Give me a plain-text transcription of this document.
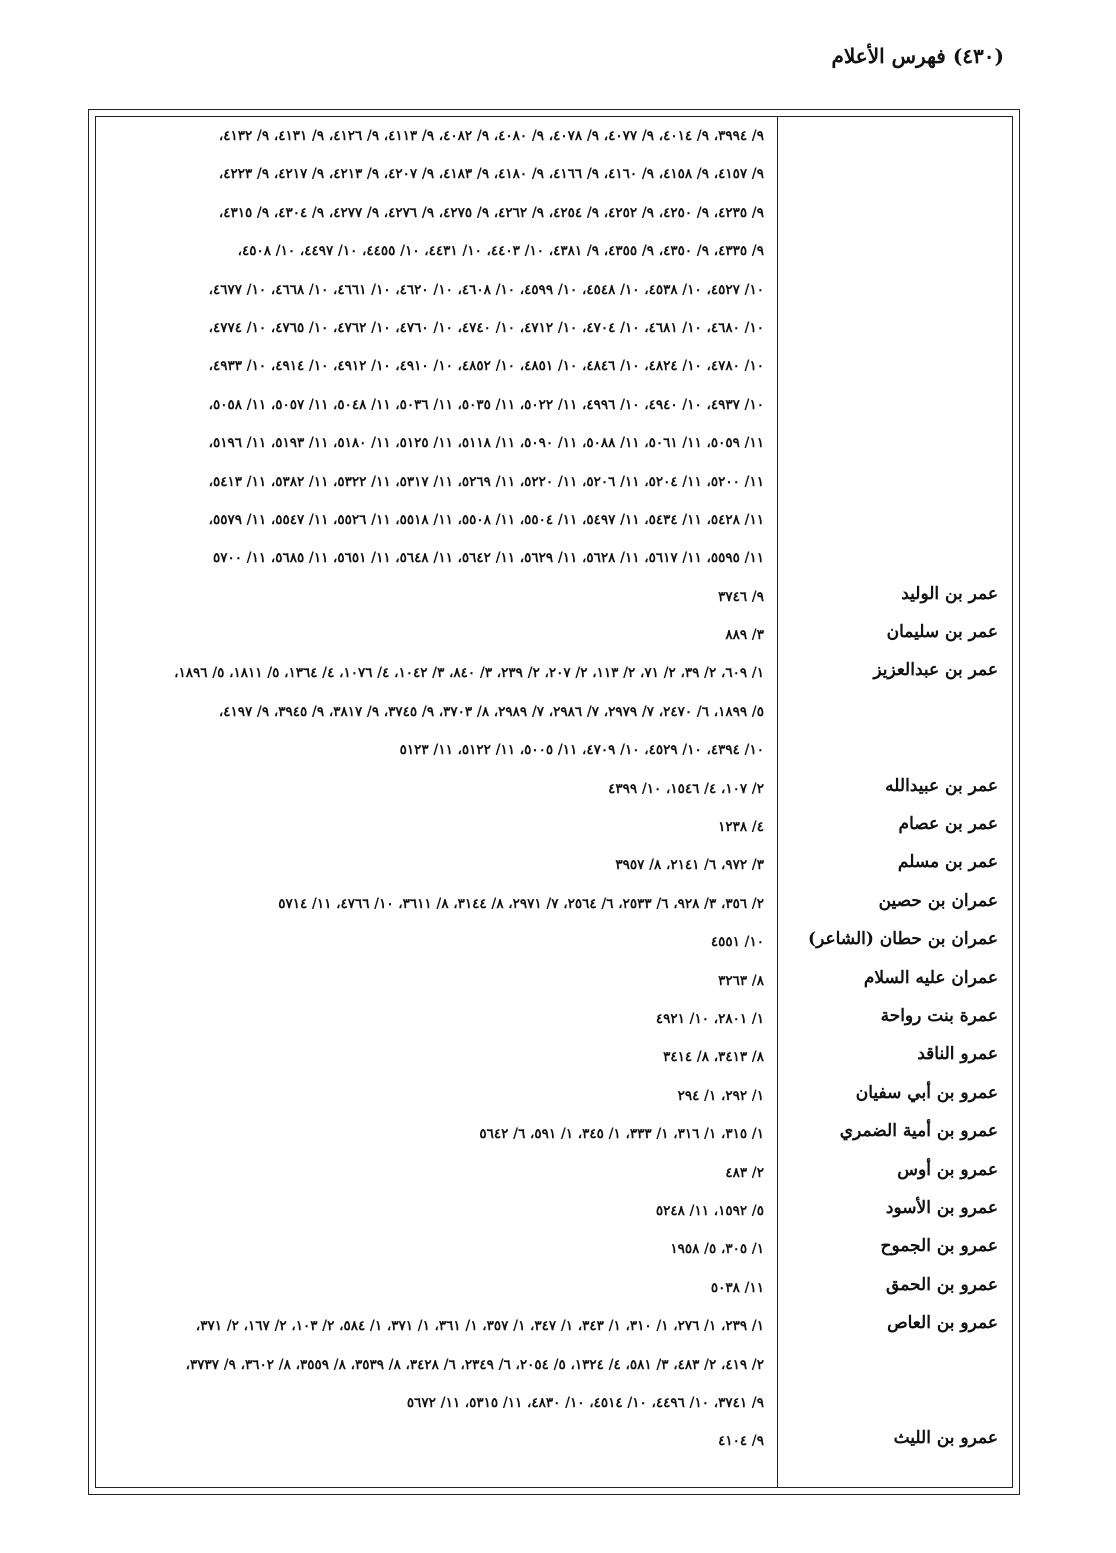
(٤٣٠) فهرس الأعلام
٩/ ٣٩٩٤، ٩/ ٤٠١٤، ٩/ ٤٠٧٧، ٩/ ٤٠٧٨، ٩/ ٤٠٨٠، ٩/ ٤٠٨٢، ٩/ ٤١١٣، ٩/ ٤١٢٦، ٩/ ٤١٣١، ٩/ ٤١٣٢،
٩/ ٤١٥٧، ٩/ ٤١٥٨، ٩/ ٤١٦٠، ٩/ ٤١٦٦، ٩/ ٤١٨٠، ٩/ ٤١٨٣، ٩/ ٤٢٠٧، ٩/ ٤٢١٣، ٩/ ٤٢١٧، ٩/ ٤٢٢٣،
٩/ ٤٢٣٥، ٩/ ٤٢٥٠، ٩/ ٤٢٥٢، ٩/ ٤٢٥٤، ٩/ ٤٢٦٢، ٩/ ٤٢٧٥، ٩/ ٤٢٧٦، ٩/ ٤٢٧٧، ٩/ ٤٣٠٤، ٩/ ٤٣١٥،
٩/ ٤٣٣٥، ٩/ ٤٣٥٠، ٩/ ٤٣٥٥، ٩/ ٤٣٨١، ١٠/ ٤٤٠٣، ١٠/ ٤٤٣١، ١٠/ ٤٤٥٥، ١٠/ ٤٤٩٧، ١٠/ ٤٥٠٨،
١٠/ ٤٥٢٧، ١٠/ ٤٥٣٨، ١٠/ ٤٥٤٨، ١٠/ ٤٥٩٩، ١٠/ ٤٦٠٨، ١٠/ ٤٦٢٠، ١٠/ ٤٦٦١، ١٠/ ٤٦٦٨، ١٠/ ٤٦٧٧،
١٠/ ٤٦٨٠، ١٠/ ٤٦٨١، ١٠/ ٤٧٠٤، ١٠/ ٤٧١٢، ١٠/ ٤٧٤٠، ١٠/ ٤٧٦٠، ١٠/ ٤٧٦٢، ١٠/ ٤٧٦٥، ١٠/ ٤٧٧٤،
١٠/ ٤٧٨٠، ١٠/ ٤٨٢٤، ١٠/ ٤٨٤٦، ١٠/ ٤٨٥١، ١٠/ ٤٨٥٢، ١٠/ ٤٩١٠، ١٠/ ٤٩١٢، ١٠/ ٤٩١٤، ١٠/ ٤٩٣٣،
١٠/ ٤٩٣٧، ١٠/ ٤٩٤٠، ١٠/ ٤٩٩٦، ١١/ ٥٠٢٢، ١١/ ٥٠٣٥، ١١/ ٥٠٣٦، ١١/ ٥٠٤٨، ١١/ ٥٠٥٧، ١١/ ٥٠٥٨،
١١/ ٥٠٥٩، ١١/ ٥٠٦١، ١١/ ٥٠٨٨، ١١/ ٥٠٩٠، ١١/ ٥١١٨، ١١/ ٥١٢٥، ١١/ ٥١٨٠، ١١/ ٥١٩٣، ١١/ ٥١٩٦،
١١/ ٥٢٠٠، ١١/ ٥٢٠٤، ١١/ ٥٢٠٦، ١١/ ٥٢٢٠، ١١/ ٥٢٦٩، ١١/ ٥٣١٧، ١١/ ٥٣٢٢، ١١/ ٥٣٨٢، ١١/ ٥٤١٣،
١١/ ٥٤٢٨، ١١/ ٥٤٣٤، ١١/ ٥٤٩٧، ١١/ ٥٥٠٤، ١١/ ٥٥٠٨، ١١/ ٥٥١٨، ١١/ ٥٥٢٦، ١١/ ٥٥٤٧، ١١/ ٥٥٧٩،
١١/ ٥٥٩٥، ١١/ ٥٦١٧، ١١/ ٥٦٢٨، ١١/ ٥٦٢٩، ١١/ ٥٦٤٢، ١١/ ٥٦٤٨، ١١/ ٥٦٥١، ١١/ ٥٦٨٥، ١١/ ٥٧٠٠
عمر بن الوليد
٩/ ٣٧٤٦
عمر بن سليمان
٣/ ٨٨٩
عمر بن عبدالعزيز
١/ ٦٠٩، ٢/ ٣٩، ٢/ ٧١، ٢/ ١١٣، ٢/ ٢٠٧، ٢/ ٢٣٩، ٣/ ٨٤٠، ٣/ ١٠٤٢، ٤/ ١٠٧٦، ٤/ ١٣٦٤، ٥/ ١٨١١، ٥/ ١٨٩٦،
٥/ ١٨٩٩، ٦/ ٢٤٧٠، ٧/ ٢٩٧٩، ٧/ ٢٩٨٦، ٧/ ٢٩٨٩، ٨/ ٣٧٠٣، ٩/ ٣٧٤٥، ٩/ ٣٨١٧، ٩/ ٣٩٤٥، ٩/ ٤١٩٧،
١٠/ ٤٣٩٤، ١٠/ ٤٥٢٩، ١٠/ ٤٧٠٩، ١١/ ٥٠٠٥، ١١/ ٥١٢٢، ١١/ ٥١٢٣
عمر بن عبيدالله
٢/ ١٠٧، ٤/ ١٥٤٦، ١٠/ ٤٣٩٩
عمر بن عصام
٤/ ١٢٣٨
عمر بن مسلم
٣/ ٩٧٢، ٦/ ٢١٤١، ٨/ ٣٩٥٧
عمران بن حصين
٢/ ٣٥٦، ٣/ ٩٢٨، ٦/ ٢٥٣٣، ٦/ ٢٥٦٤، ٧/ ٢٩٧١، ٨/ ٣١٤٤، ٨/ ٣٦١١، ١٠/ ٤٧٦٦، ١١/ ٥٧١٤
عمران بن حطان (الشاعر)
١٠/ ٤٥٥١
عمران عليه السلام
٨/ ٣٢٦٣
عمرة بنت رواحة
١/ ٢٨٠١، ١٠/ ٤٩٢١
عمرو الناقد
٨/ ٣٤١٣، ٨/ ٣٤١٤
عمرو بن أبي سفيان
١/ ٢٩٢، ١/ ٢٩٤
عمرو بن أمية الضمري
١/ ٣١٥، ١/ ٣١٦، ١/ ٣٣٣، ١/ ٣٤٥، ١/ ٥٩١، ٦/ ٥٦٤٢
عمرو بن أوس
٢/ ٤٨٣
عمرو بن الأسود
٥/ ١٥٩٢، ١١/ ٥٢٤٨
عمرو بن الجموح
١/ ٣٠٥، ٥/ ١٩٥٨
عمرو بن الحمق
١١/ ٥٠٣٨
عمرو بن العاص
١/ ٢٣٩، ١/ ٢٧٦، ١/ ٣١٠، ١/ ٣٤٣، ١/ ٣٤٧، ١/ ٣٥٧، ١/ ٣٦١، ١/ ٣٧١، ١/ ٥٨٤، ٢/ ١٠٣، ٢/ ١٦٧، ٢/ ٣٧١،
٢/ ٤١٩، ٢/ ٤٨٣، ٣/ ٥٨١، ٤/ ١٣٢٤، ٥/ ٢٠٥٤، ٦/ ٢٣٤٩، ٦/ ٣٤٢٨، ٨/ ٣٥٣٩، ٨/ ٣٥٥٩، ٨/ ٣٦٠٢، ٩/ ٣٧٣٧،
٩/ ٣٧٤١، ١٠/ ٤٤٩٦، ١٠/ ٤٥١٤، ١٠/ ٤٨٣٠، ١١/ ٥٣١٥، ١١/ ٥٦٧٢
عمرو بن الليث
٩/ ٤١٠٤
